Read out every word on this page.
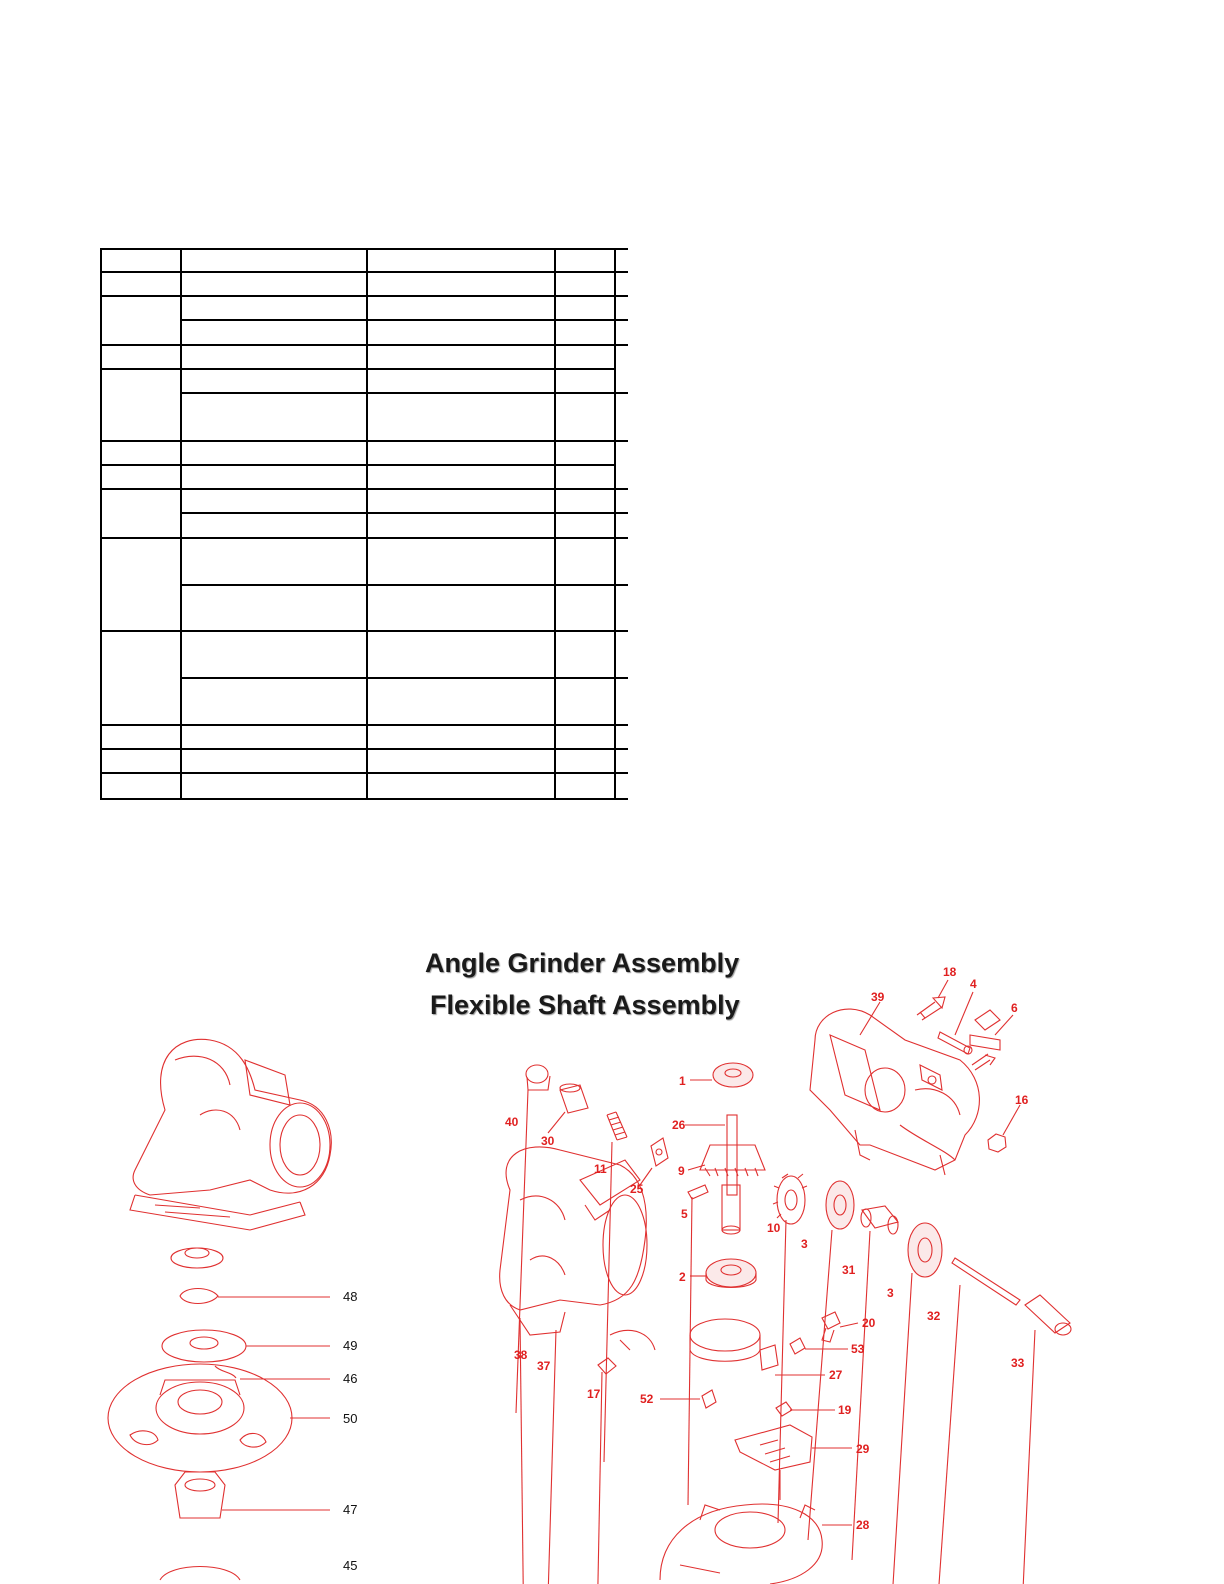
Angle Grinder Assembly
Flexible Shaft Assembly
48
49
46
50
47
45
18
4
39
6
1
40
30
26
11
16
9
25
5
10
3
31
2
3
32
20
53
33
38
37
27
17	52
19
29
28
